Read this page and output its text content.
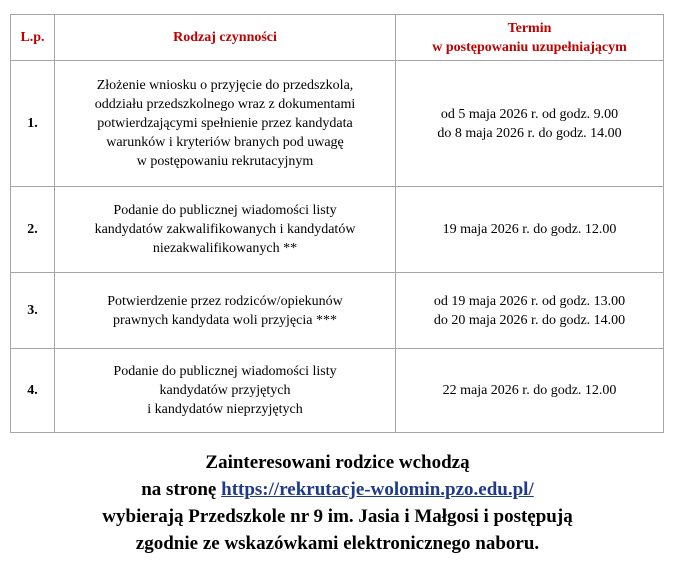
L.p.	Rodzaj czynności	Termin
w postępowaniu uzupełniającym

1.	Złożenie wniosku o przyjęcie do przedszkola,
oddziału przedszkolnego wraz z dokumentami
potwierdzającymi spełnienie przez kandydata
warunków i kryteriów branych pod uwagę
w postępowaniu rekrutacyjnym	od 5 maja 2026 r. od godz. 9.00
do 8 maja 2026 r. do godz. 14.00

2.	Podanie do publicznej wiadomości listy
kandydatów zakwalifikowanych i kandydatów
niezakwalifikowanych **	19 maja 2026 r. do godz. 12.00

3.	Potwierdzenie przez rodziców/opiekunów
prawnych kandydata woli przyjęcia ***	od 19 maja 2026 r. od godz. 13.00
do 20 maja 2026 r. do godz. 14.00

4.	Podanie do publicznej wiadomości listy
kandydatów przyjętych
i kandydatów nieprzyjętych	22 maja 2026 r. do godz. 12.00
Zainteresowani rodzice wchodzą
na stronę https://rekrutacje-wolomin.pzo.edu.pl/
wybierają Przedszkole nr 9 im. Jasia i Małgosi i postępują
zgodnie ze wskazówkami elektronicznego naboru.
